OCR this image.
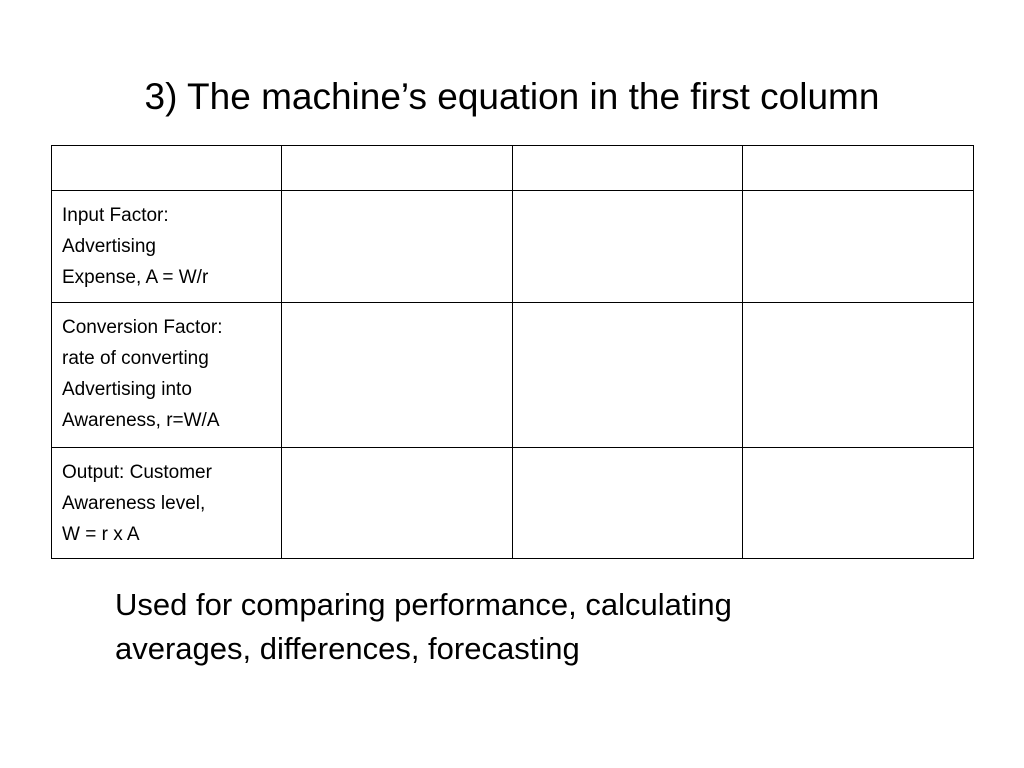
3) The machine’s equation in the first column

Input Factor:
Advertising
Expense, A = W/r			

Conversion Factor:
rate of converting
Advertising into
Awareness, r=W/A			

Output: Customer
Awareness level,
W = r x A			

Used for comparing performance, calculating
averages, differences, forecasting
